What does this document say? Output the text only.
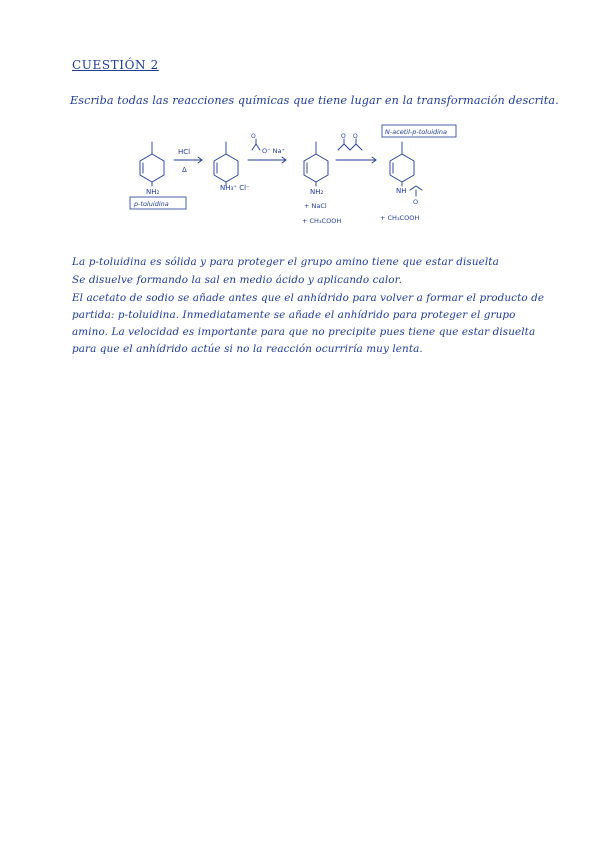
CUESTIÓN 2
Escriba todas las reacciones químicas que tiene lugar en la transformación descrita.
NH₂
p-toluidina
HCl
Δ
NH₃⁺ Cl⁻
O
O⁻ Na⁺
NH₂
+ NaCl
+ CH₃COOH
O O
N-acetil-p-toluidina
NH
O
+ CH₃COOH
La p-toluidina es sólida y para proteger el grupo amino tiene que estar disuelta
Se disuelve formando la sal en medio ácido y aplicando calor.
El acetato de sodio se añade antes que el anhídrido para volver a formar el producto de
partida: p-toluidina. Inmediatamente se añade el anhídrido para proteger el grupo
amino. La velocidad es importante para que no precipite pues tiene que estar disuelta
para que el anhídrido actúe si no la reacción ocurriría muy lenta.
